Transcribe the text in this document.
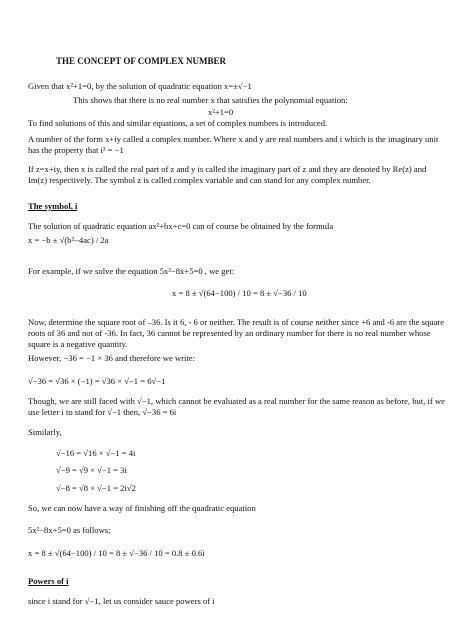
THE CONCEPT OF COMPLEX NUMBER
Given that x²+1=0, by the solution of quadratic equation x=±√−1
This shows that there is no real number x that satisfies the polynomial equation:
x²+1=0
To find solutions of this and similar equations, a set of complex numbers is introduced.
A number of the form x+iy called a complex number. Where x and y are real numbers and i which is the imaginary unit has the property that i² = −1
If z=x+iy, then x is called the real part of z and y is called the imaginary part of z and they are denoted by Re(z) and Im(z) respectively. The symbol z is called complex variable and can stand for any complex number.
The symbol, i
The solution of quadratic equation ax²+bx+c=0 can of course be obtained by the formula
x = −b ± √(b²−4ac) / 2a
For example, if we solve the equation 5x²−8x+5=0 , we get:
x = 8 ± √(64−100) / 10 = 8 ± √−36 / 10
Now, determine the square root of –36. Is it 6, - 6 or neither. The result is of course neither since +6 and -6 are the square roots of 36 and not of -36. In fact, 36 cannot be represented by an ordinary number for there is no real number whose square is a negative quantity.
However, −36 = −1 × 36 and therefore we write:
√−36 = √36 × (−1) = √36 × √−1 = 6√−1
Though, we are still faced with √−1, which cannot be evaluated as a real number for the same reason as before, but, if we use letter i to stand for √−1 then, √−36 = 6i
Similarly,
√−16 = √16 × √−1 = 4i
√−9 = √9 × √−1 = 3i
√−8 = √8 × √−1 = 2i√2
So, we can now have a way of finishing off the quadratic equation
5x²−8x+5=0 as follows;
x = 8 ± √(64−100) / 10 = 8 ± √−36 / 10 = 0.8 ± 0.6i
Powers of i
since i stand for √−1, let us consider sauce powers of i
